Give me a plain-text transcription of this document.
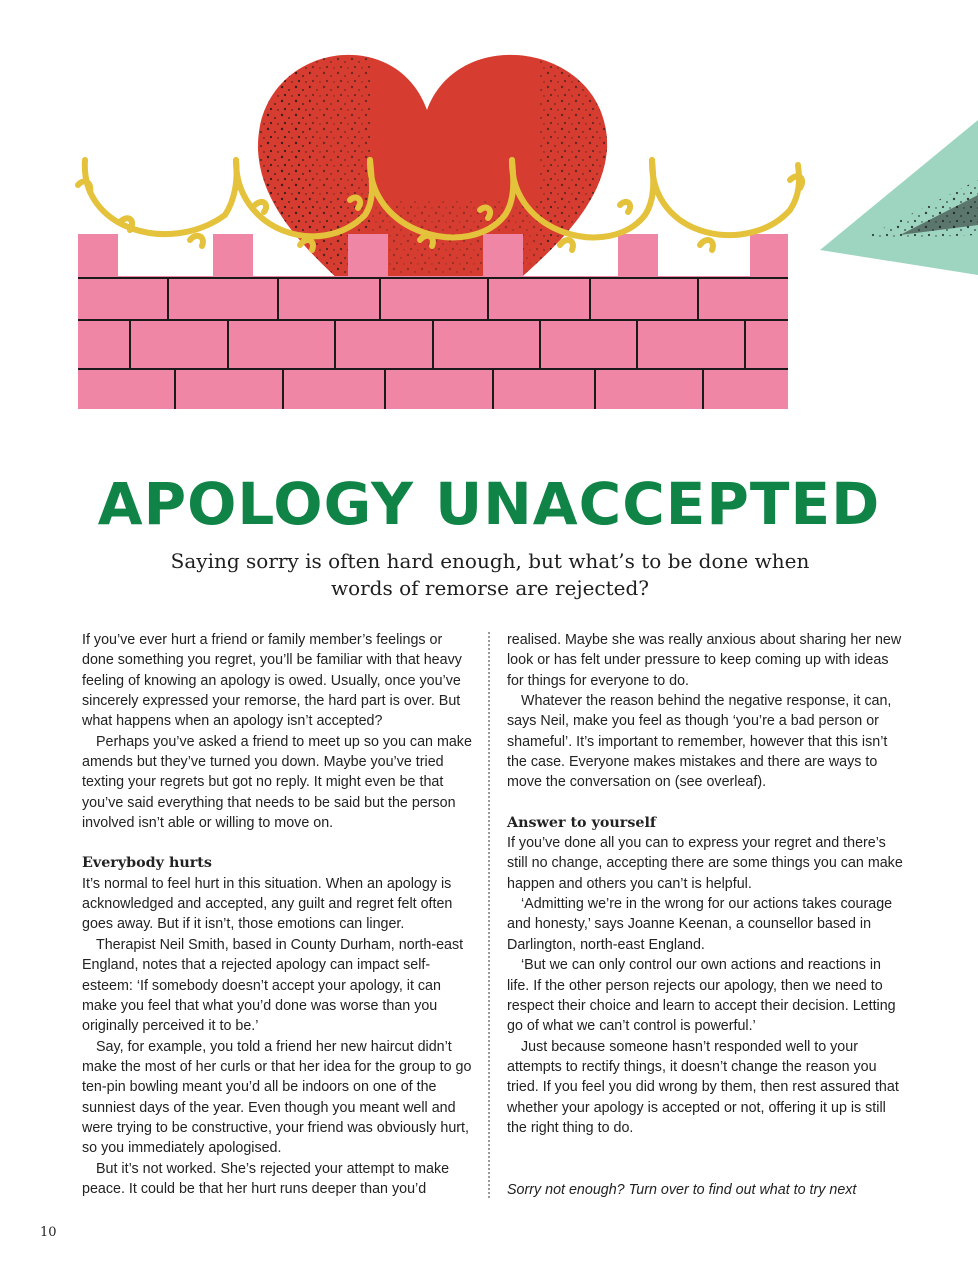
APOLOGY UNACCEPTED

Saying sorry is often hard enough, but what’s to be done when words of remorse are rejected?

If you’ve ever hurt a friend or family member’s feelings or done something you regret, you’ll be familiar with that heavy feeling of knowing an apology is owed. Usually, once you’ve sincerely expressed your remorse, the hard part is over. But what happens when an apology isn’t accepted?

Perhaps you’ve asked a friend to meet up so you can make amends but they’ve turned you down. Maybe you’ve tried texting your regrets but got no reply. It might even be that you’ve said everything that needs to be said but the person involved isn’t able or willing to move on.

Everybody hurts

It’s normal to feel hurt in this situation. When an apology is acknowledged and accepted, any guilt and regret felt often goes away. But if it isn’t, those emotions can linger.

Therapist Neil Smith, based in County Durham, north-east England, notes that a rejected apology can impact self-esteem: ‘If somebody doesn’t accept your apology, it can make you feel that what you’d done was worse than you originally perceived it to be.’

Say, for example, you told a friend her new haircut didn’t make the most of her curls or that her idea for the group to go ten-pin bowling meant you’d all be indoors on one of the sunniest days of the year. Even though you meant well and were trying to be constructive, your friend was obviously hurt, so you immediately apologised.

But it’s not worked. She’s rejected your attempt to make peace. It could be that her hurt runs deeper than you’d

realised. Maybe she was really anxious about sharing her new look or has felt under pressure to keep coming up with ideas for things for everyone to do.

Whatever the reason behind the negative response, it can, says Neil, make you feel as though ‘you’re a bad person or shameful’. It’s important to remember, however that this isn’t the case. Everyone makes mistakes and there are ways to move the conversation on (see overleaf).

Answer to yourself

If you’ve done all you can to express your regret and there’s still no change, accepting there are some things you can make happen and others you can’t is helpful.

‘Admitting we’re in the wrong for our actions takes courage and honesty,’ says Joanne Keenan, a counsellor based in Darlington, north-east England.

‘But we can only control our own actions and reactions in life. If the other person rejects our apology, then we need to respect their choice and learn to accept their decision. Letting go of what we can’t control is powerful.’

Just because someone hasn’t responded well to your attempts to rectify things, it doesn’t change the reason you tried. If you feel you did wrong by them, then rest assured that whether your apology is accepted or not, offering it up is still the right thing to do.

Sorry not enough? Turn over to find out what to try next
10
